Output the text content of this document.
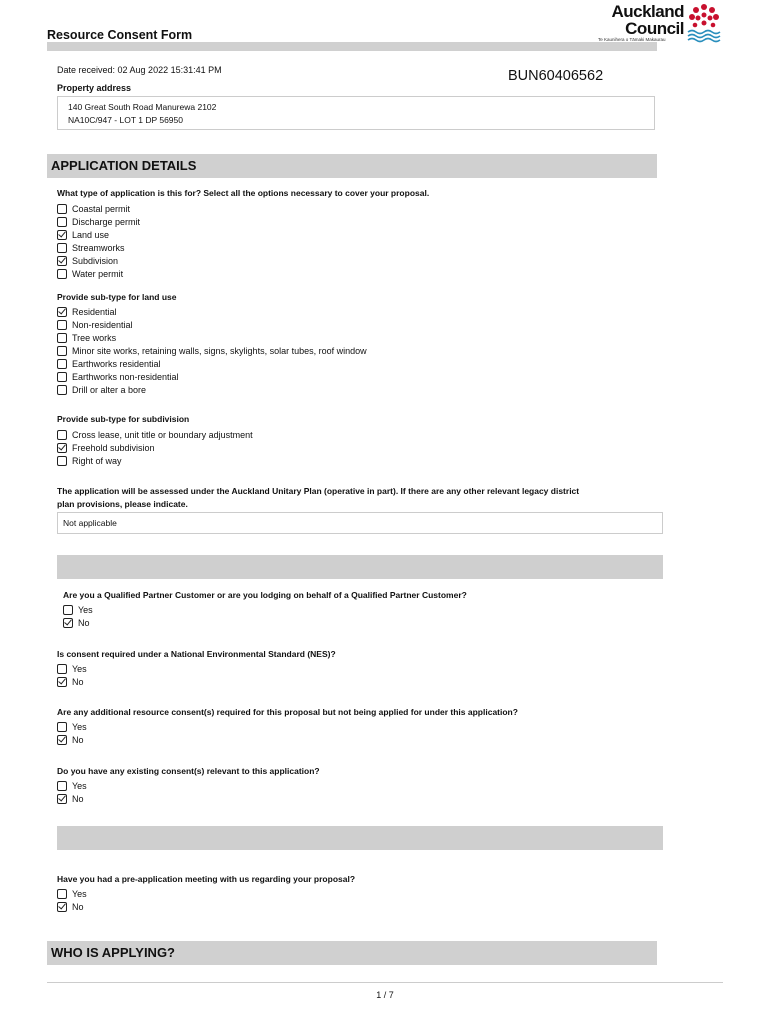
Resource Consent Form
Auckland
Council
Te Kaunihera o Tāmaki Makaurau
Date received: 02 Aug 2022 15:31:41 PM	BUN60406562
Property address
140 Great South Road Manurewa 2102
NA10C/947 - LOT 1 DP 56950
APPLICATION DETAILS
What type of application is this for? Select all the options necessary to cover your proposal.
Coastal permit
Discharge permit
Land use
Streamworks
Subdivision
Water permit
Provide sub-type for land use
Residential
Non-residential
Tree works
Minor site works, retaining walls, signs, skylights, solar tubes, roof window
Earthworks residential
Earthworks non-residential
Drill or alter a bore
Provide sub-type for subdivision
Cross lease, unit title or boundary adjustment
Freehold subdivision
Right of way
The application will be assessed under the Auckland Unitary Plan (operative in part). If there are any other relevant legacy district
plan provisions, please indicate.
Not applicable
Are you a Qualified Partner Customer or are you lodging on behalf of a Qualified Partner Customer?
Yes
No
Is consent required under a National Environmental Standard (NES)?
Yes
No
Are any additional resource consent(s) required for this proposal but not being applied for under this application?
Yes
No
Do you have any existing consent(s) relevant to this application?
Yes
No
Have you had a pre-application meeting with us regarding your proposal?
Yes
No
WHO IS APPLYING?
1 / 7
